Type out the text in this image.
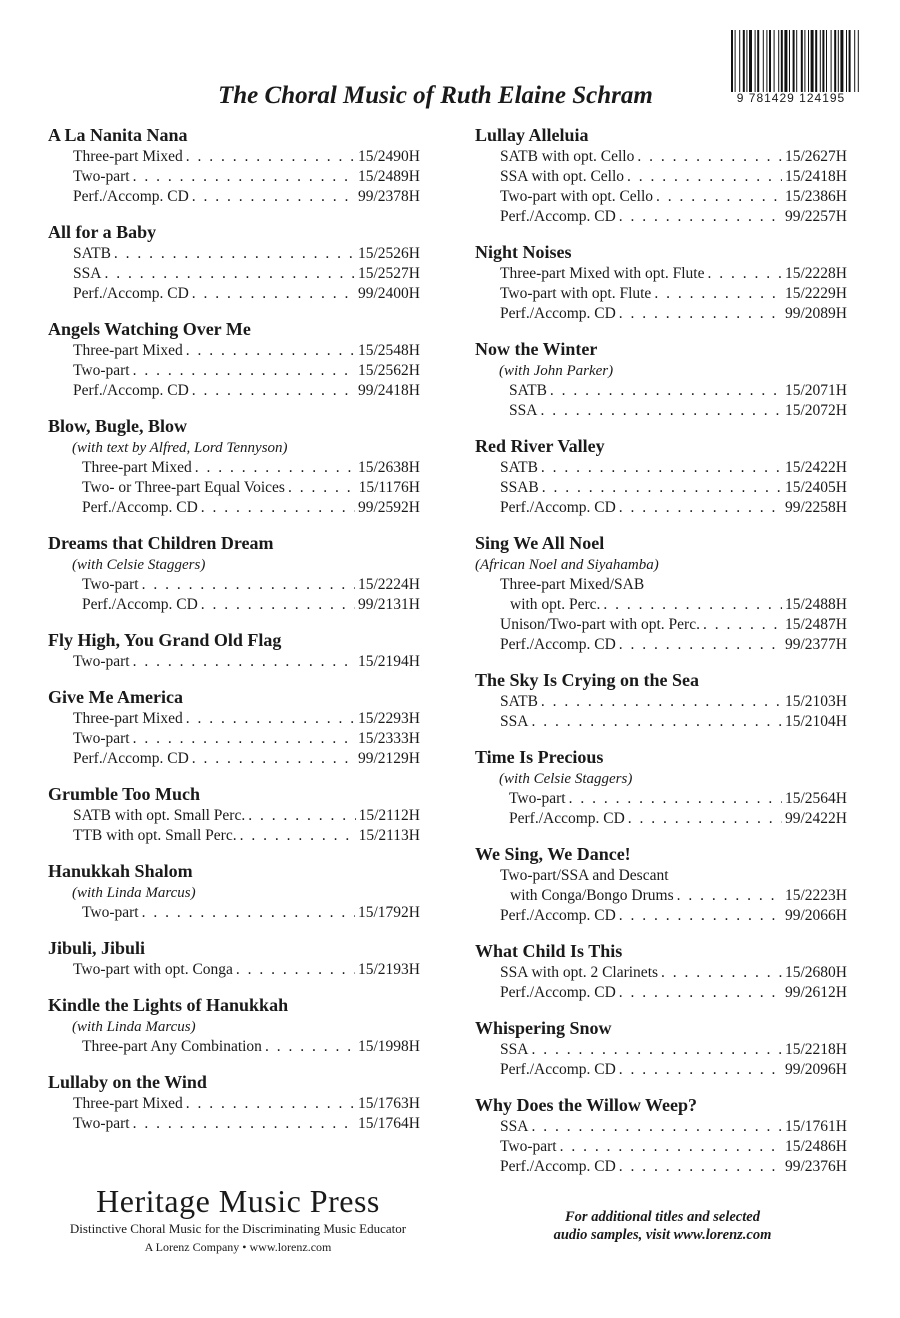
9 781429 124195
The Choral Music of Ruth Elaine Schram
A La Nanita Nana
Three-part Mixed . . .	15/2490H
Two-part . . .	15/2489H
Perf./Accomp. CD . . .	99/2378H
All for a Baby
SATB . . .	15/2526H
SSA . . .	15/2527H
Perf./Accomp. CD . . .	99/2400H
Angels Watching Over Me
Three-part Mixed . . .	15/2548H
Two-part . . .	15/2562H
Perf./Accomp. CD . . .	99/2418H
Blow, Bugle, Blow
(with text by Alfred, Lord Tennyson)
Three-part Mixed . . .	15/2638H
Two- or Three-part Equal Voices . . .	15/1176H
Perf./Accomp. CD . . .	99/2592H
Dreams that Children Dream
(with Celsie Staggers)
Two-part . . .	15/2224H
Perf./Accomp. CD . . .	99/2131H
Fly High, You Grand Old Flag
Two-part . . .	15/2194H
Give Me America
Three-part Mixed . . .	15/2293H
Two-part . . .	15/2333H
Perf./Accomp. CD . . .	99/2129H
Grumble Too Much
SATB with opt. Small Perc. . . .	15/2112H
TTB with opt. Small Perc. . . .	15/2113H
Hanukkah Shalom
(with Linda Marcus)
Two-part . . .	15/1792H
Jibuli, Jibuli
Two-part with opt. Conga . . .	15/2193H
Kindle the Lights of Hanukkah
(with Linda Marcus)
Three-part Any Combination . . .	15/1998H
Lullaby on the Wind
Three-part Mixed . . .	15/1763H
Two-part . . .	15/1764H
Lullay Alleluia
SATB with opt. Cello . . .	15/2627H
SSA with opt. Cello . . .	15/2418H
Two-part with opt. Cello . . .	15/2386H
Perf./Accomp. CD . . .	99/2257H
Night Noises
Three-part Mixed with opt. Flute . . .	15/2228H
Two-part with opt. Flute . . .	15/2229H
Perf./Accomp. CD . . .	99/2089H
Now the Winter
(with John Parker)
SATB . . .	15/2071H
SSA . . .	15/2072H
Red River Valley
SATB . . .	15/2422H
SSAB . . .	15/2405H
Perf./Accomp. CD . . .	99/2258H
Sing We All Noel
(African Noel and Siyahamba)
Three-part Mixed/SAB
with opt. Perc. . . .	15/2488H
Unison/Two-part with opt. Perc. . . .	15/2487H
Perf./Accomp. CD . . .	99/2377H
The Sky Is Crying on the Sea
SATB . . .	15/2103H
SSA . . .	15/2104H
Time Is Precious
(with Celsie Staggers)
Two-part . . .	15/2564H
Perf./Accomp. CD . . .	99/2422H
We Sing, We Dance!
Two-part/SSA and Descant
with Conga/Bongo Drums . . .	15/2223H
Perf./Accomp. CD . . .	99/2066H
What Child Is This
SSA with opt. 2 Clarinets . . .	15/2680H
Perf./Accomp. CD . . .	99/2612H
Whispering Snow
SSA . . .	15/2218H
Perf./Accomp. CD . . .	99/2096H
Why Does the Willow Weep?
SSA . . .	15/1761H
Two-part . . .	15/2486H
Perf./Accomp. CD . . .	99/2376H
Heritage Music Press
Distinctive Choral Music for the Discriminating Music Educator
A Lorenz Company • www.lorenz.com
For additional titles and selected
audio samples, visit www.lorenz.com
